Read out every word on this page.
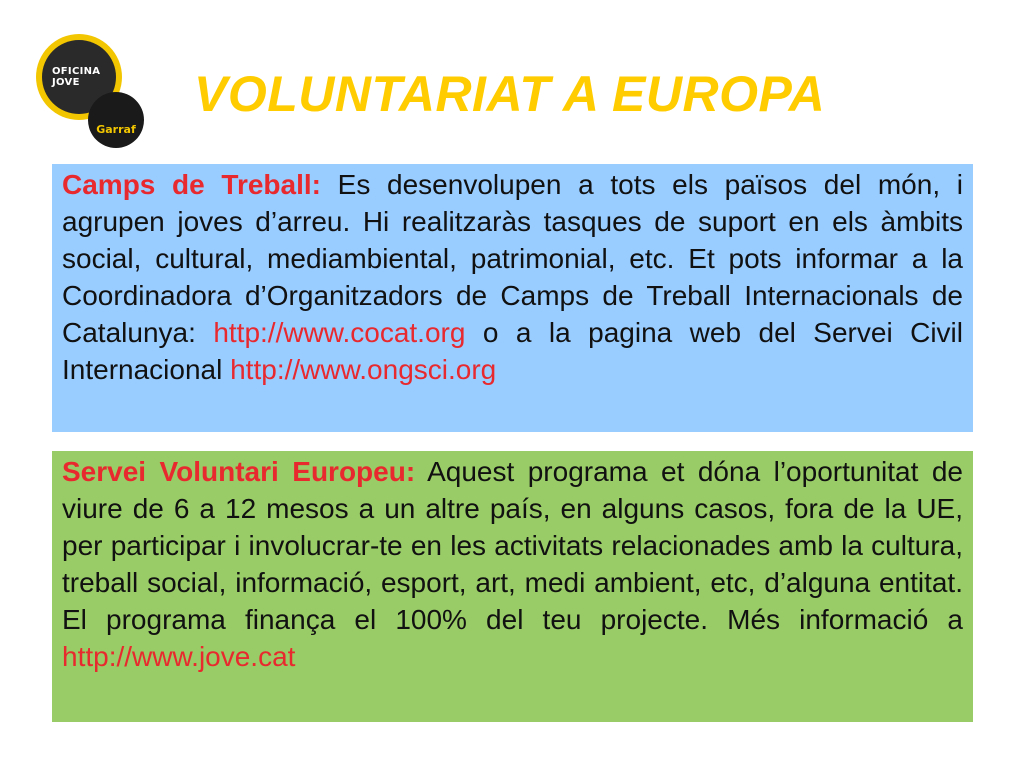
OFICINA
JOVE
Garraf
VOLUNTARIAT A EUROPA
Camps de Treball: Es desenvolupen a tots els països del món, i agrupen joves d’arreu. Hi realitzaràs tasques de suport en els àmbits social, cultural, mediambiental, patrimonial, etc. Et pots informar a la Coordinadora d’Organitzadors de Camps de Treball Internacionals de Catalunya: http://www.cocat.org o a la pagina web del Servei Civil Internacional http://www.ongsci.org
Servei Voluntari Europeu: Aquest programa et dóna l’oportunitat de viure de 6 a 12 mesos a un altre país, en alguns casos, fora de la UE, per participar i involucrar-te en les activitats relacionades amb la cultura, treball social, informació, esport, art, medi ambient, etc, d’alguna entitat. El programa finança el 100% del teu projecte. Més informació a http://www.jove.cat
